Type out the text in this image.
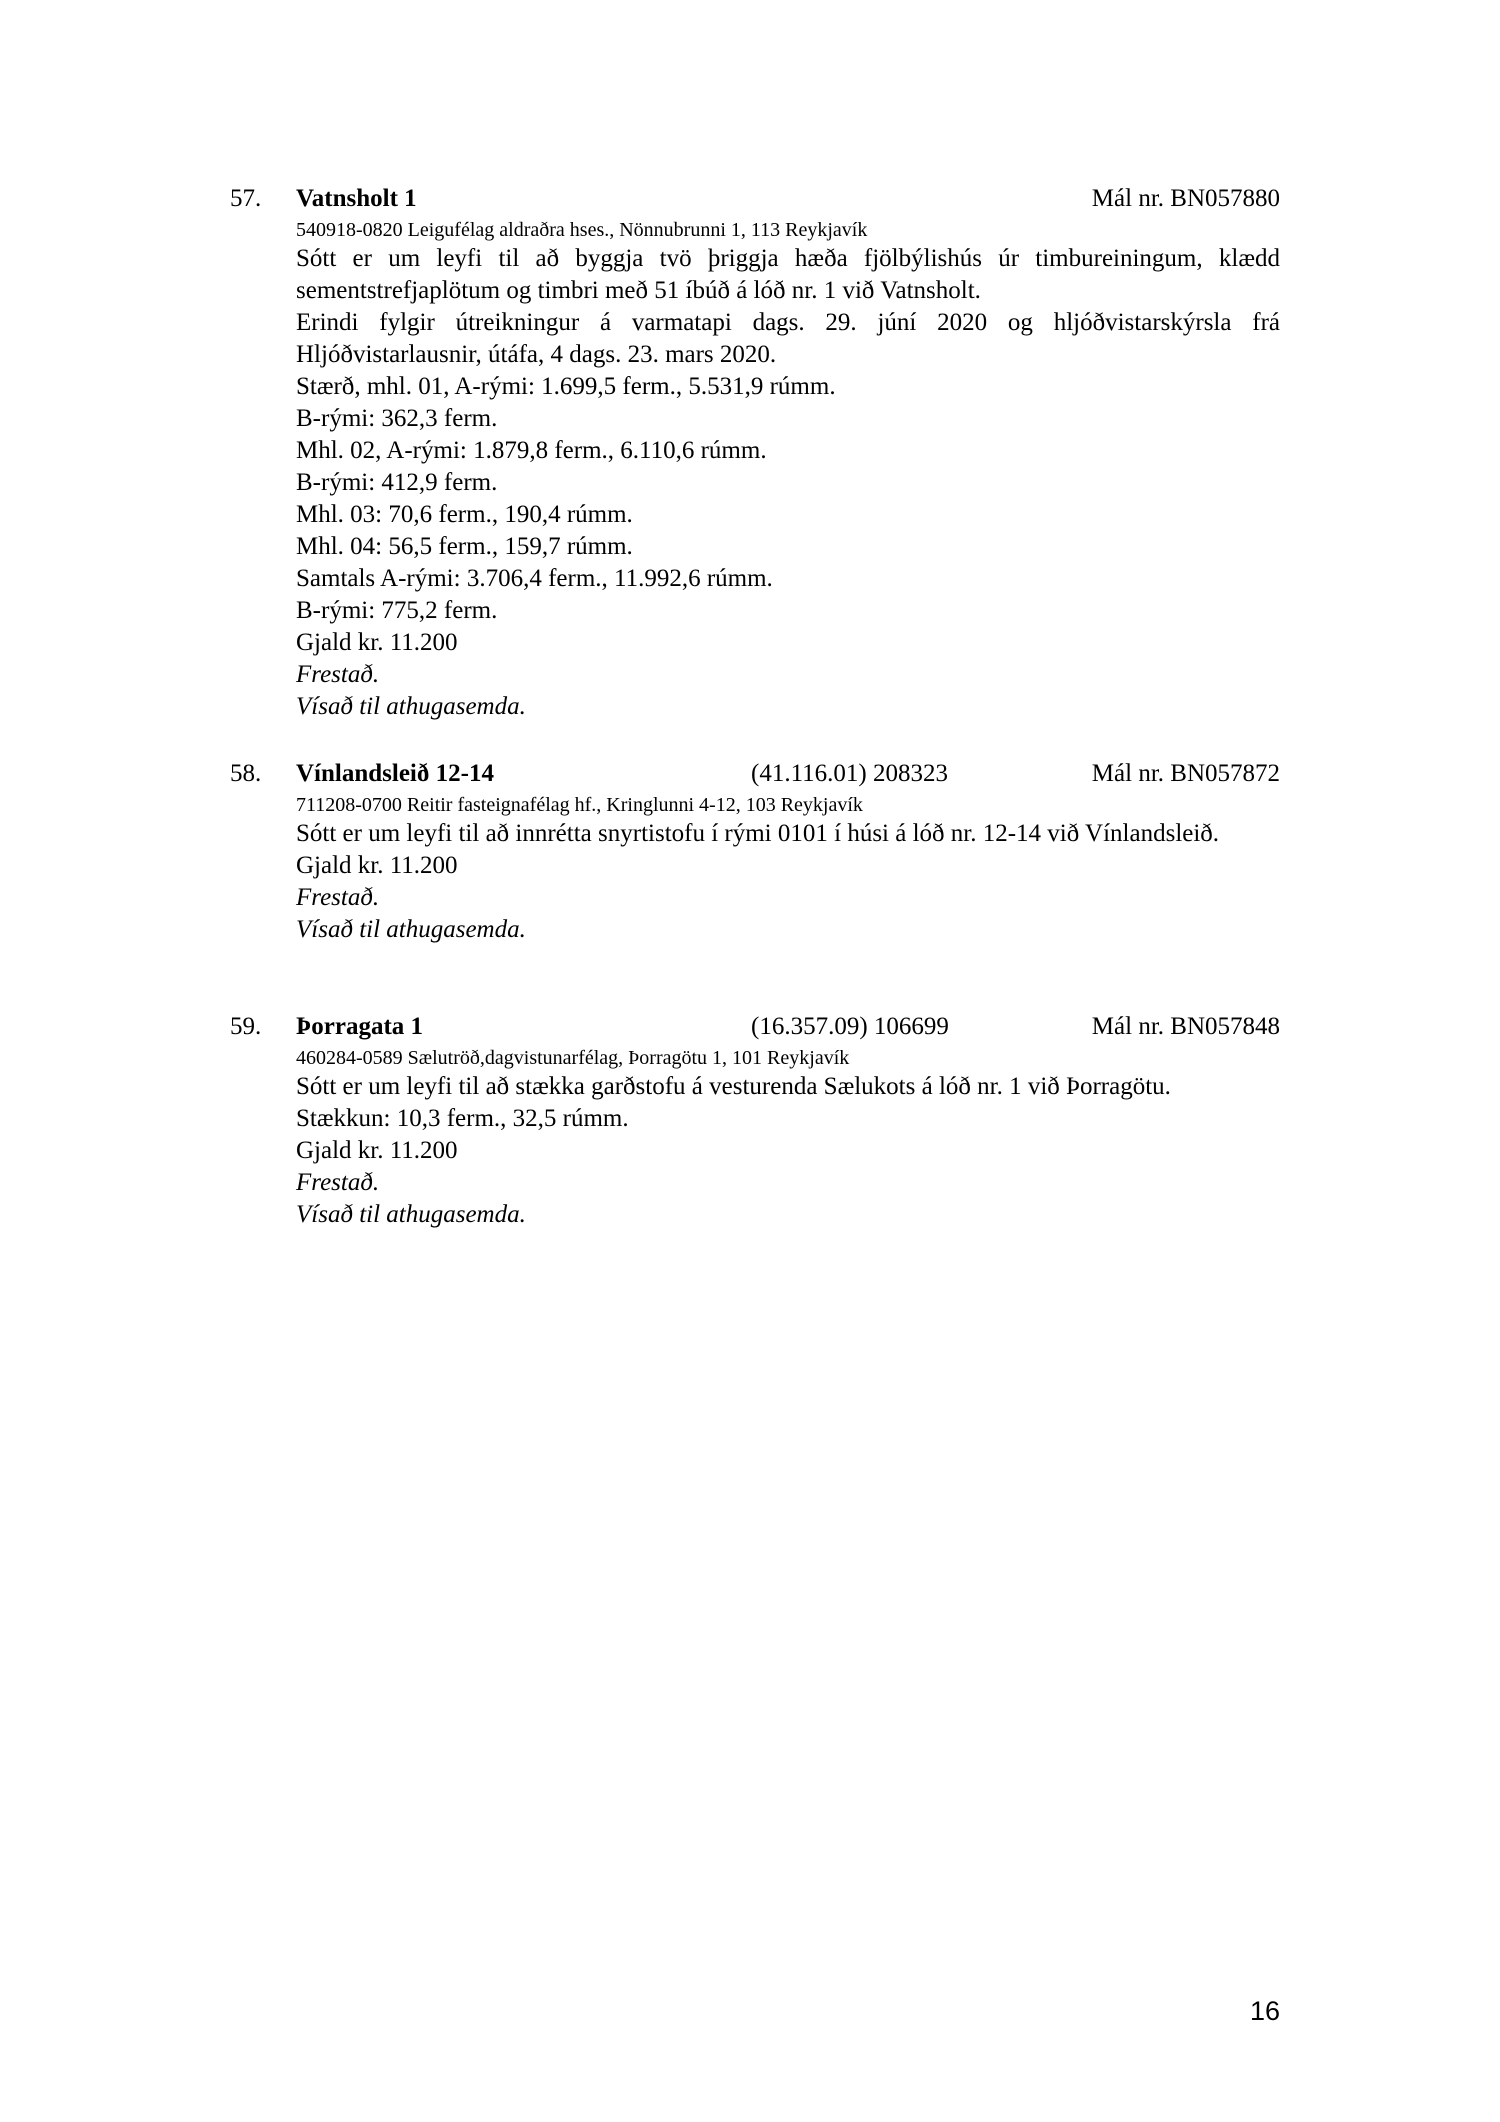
57. Vatnsholt 1	Mál nr. BN057880
540918-0820 Leigufélag aldraðra hses., Nönnubrunni 1, 113 Reykjavík
Sótt er um leyfi til að byggja tvö þriggja hæða fjölbýlishús úr timbureiningum, klædd sementstrefjaplötum og timbri með 51 íbúð á lóð nr. 1 við Vatnsholt.
Erindi fylgir útreikningur á varmatapi dags. 29. júní 2020 og hljóðvistarskýrsla frá Hljóðvistarlausnir, útáfa, 4 dags. 23. mars 2020.
Stærð, mhl. 01, A-rými: 1.699,5 ferm., 5.531,9 rúmm.
B-rými: 362,3 ferm.
Mhl. 02, A-rými: 1.879,8 ferm., 6.110,6 rúmm.
B-rými: 412,9 ferm.
Mhl. 03: 70,6 ferm., 190,4 rúmm.
Mhl. 04: 56,5 ferm., 159,7 rúmm.
Samtals A-rými: 3.706,4 ferm., 11.992,6 rúmm.
B-rými: 775,2 ferm.
Gjald kr. 11.200
Frestað.
Vísað til athugasemda.
58. Vínlandsleið 12-14	(41.116.01) 208323	Mál nr. BN057872
711208-0700 Reitir fasteignafélag hf., Kringlunni 4-12, 103 Reykjavík
Sótt er um leyfi til að innrétta snyrtistofu í rými 0101 í húsi á lóð nr. 12-14 við Vínlandsleið.
Gjald kr. 11.200
Frestað.
Vísað til athugasemda.
59. Þorragata 1	(16.357.09) 106699	Mál nr. BN057848
460284-0589 Sælutröð,dagvistunarfélag, Þorragötu 1, 101 Reykjavík
Sótt er um leyfi til að stækka garðstofu á vesturenda Sælukots á lóð nr. 1 við Þorragötu.
Stækkun: 10,3 ferm., 32,5 rúmm.
Gjald kr. 11.200
Frestað.
Vísað til athugasemda.
16
